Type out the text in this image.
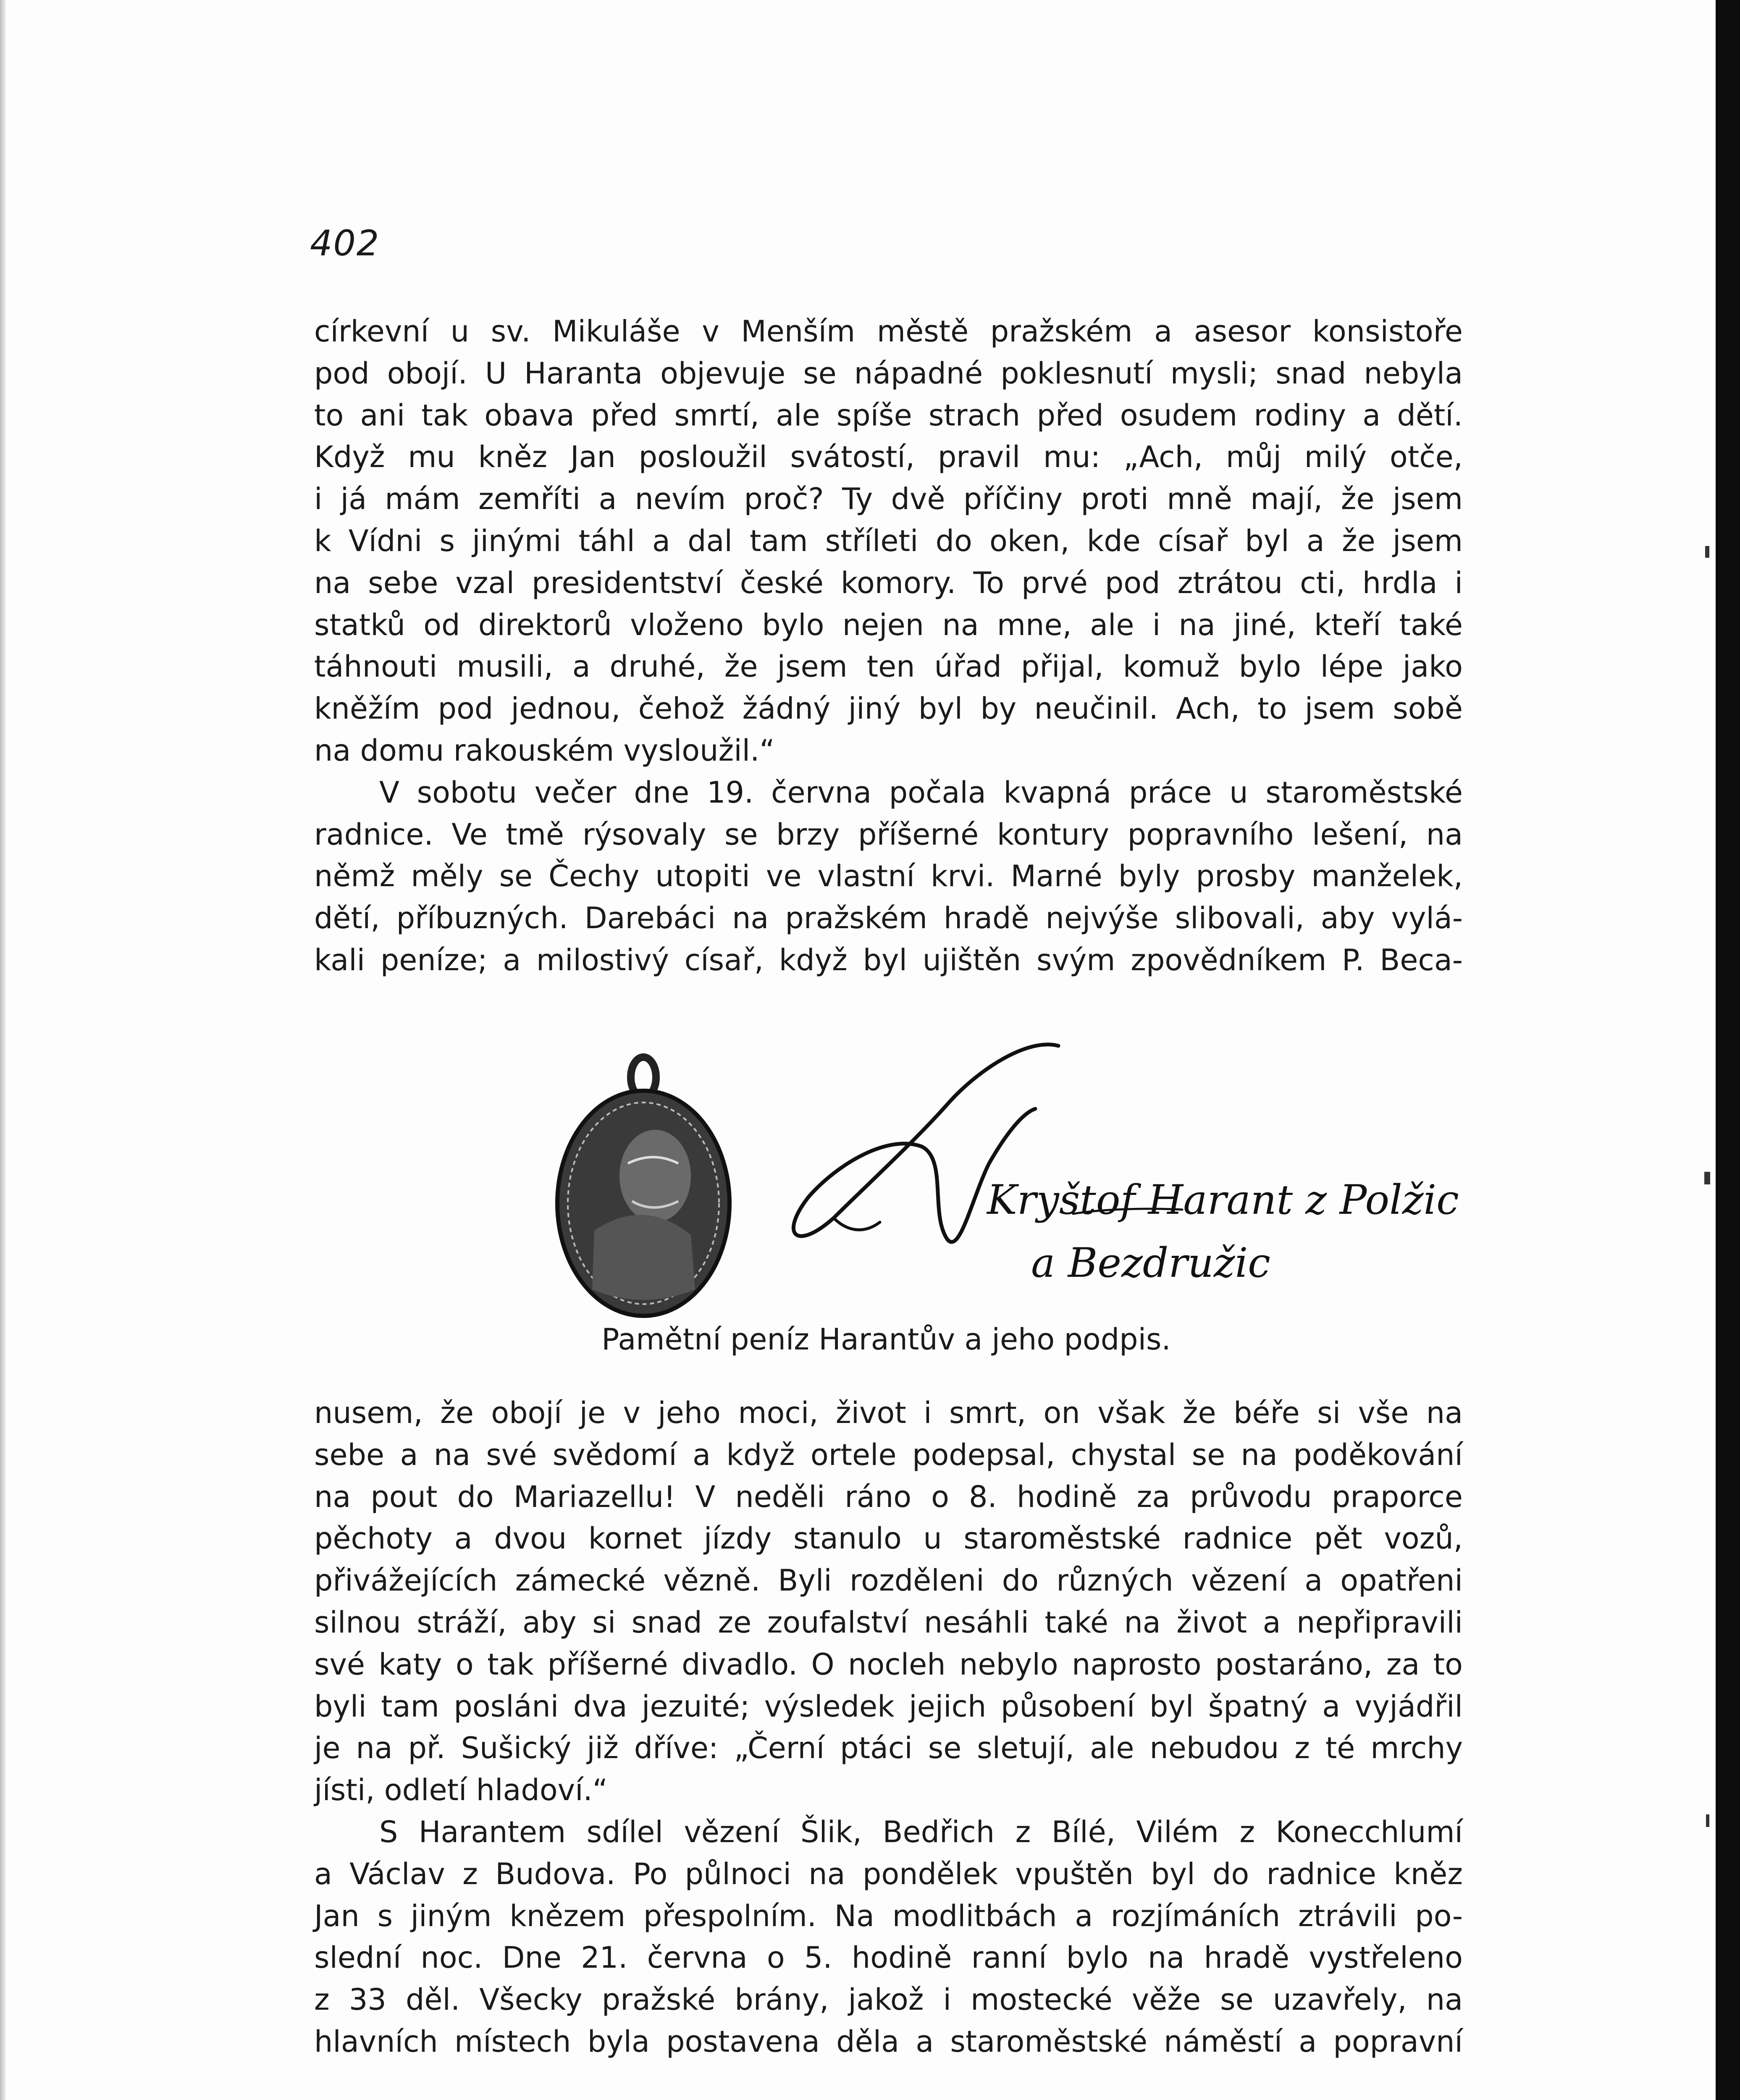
402
církevní u sv. Mikuláše v Menším městě pražském a asesor konsistoře
pod obojí. U Haranta objevuje se nápadné poklesnutí mysli; snad nebyla
to ani tak obava před smrtí, ale spíše strach před osudem rodiny a dětí.
Když mu kněz Jan posloužil svátostí, pravil mu: „Ach, můj milý otče,
i já mám zemříti a nevím proč? Ty dvě příčiny proti mně mají, že jsem
k Vídni s jinými táhl a dal tam stříleti do oken, kde císař byl a že jsem
na sebe vzal presidentství české komory. To prvé pod ztrátou cti, hrdla i
statků od direktorů vloženo bylo nejen na mne, ale i na jiné, kteří také
táhnouti musili, a druhé, že jsem ten úřad přijal, komuž bylo lépe jako
kněžím pod jednou, čehož žádný jiný byl by neučinil. Ach, to jsem sobě
na domu rakouském vysloužil.“
V sobotu večer dne 19. června počala kvapná práce u staroměstské
radnice. Ve tmě rýsovaly se brzy příšerné kontury popravního lešení, na
němž měly se Čechy utopiti ve vlastní krvi. Marné byly prosby manželek,
dětí, příbuzných. Darebáci na pražském hradě nejvýše slibovali, aby vylá-
kali peníze; a milostivý císař, když byl ujištěn svým zpovědníkem P. Beca-
Kryštof Harant z Polžic
a Bezdružic
Pamětní peníz Harantův a jeho podpis.
nusem, že obojí je v jeho moci, život i smrt, on však že béře si vše na
sebe a na své svědomí a když ortele podepsal, chystal se na poděkování
na pout do Mariazellu! V neděli ráno o 8. hodině za průvodu praporce
pěchoty a dvou kornet jízdy stanulo u staroměstské radnice pět vozů,
přivážejících zámecké vězně. Byli rozděleni do různých vězení a opatřeni
silnou stráží, aby si snad ze zoufalství nesáhli také na život a nepřipravili
své katy o tak příšerné divadlo. O nocleh nebylo naprosto postaráno, za to
byli tam posláni dva jezuité; výsledek jejich působení byl špatný a vyjádřil
je na př. Sušický již dříve: „Černí ptáci se sletují, ale nebudou z té mrchy
jísti, odletí hladoví.“
S Harantem sdílel vězení Šlik, Bedřich z Bílé, Vilém z Konecchlumí
a Václav z Budova. Po půlnoci na pondělek vpuštěn byl do radnice kněz
Jan s jiným knězem přespolním. Na modlitbách a rozjímáních ztrávili po-
slední noc. Dne 21. června o 5. hodině ranní bylo na hradě vystřeleno
z 33 děl. Všecky pražské brány, jakož i mostecké věže se uzavřely, na
hlavních místech byla postavena děla a staroměstské náměstí a popravní
